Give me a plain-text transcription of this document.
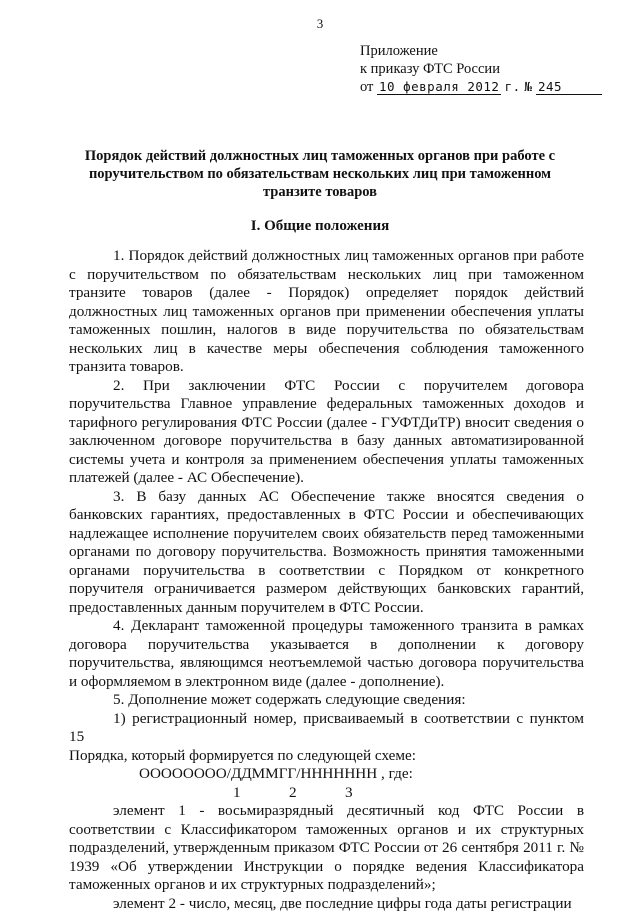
3
Приложение
к приказу ФТС России
от 10 февраля 2012 г. № 245
Порядок действий должностных лиц таможенных органов при работе с поручительством по обязательствам нескольких лиц при таможенном транзите товаров
I. Общие положения

1. Порядок действий должностных лиц таможенных органов при работе с поручительством по обязательствам нескольких лиц при таможенном транзите товаров (далее - Порядок) определяет порядок действий должностных лиц таможенных органов при применении обеспечения уплаты таможенных пошлин, налогов в виде поручительства по обязательствам нескольких лиц в качестве меры обеспечения соблюдения таможенного транзита товаров.

2. При заключении ФТС России с поручителем договора поручительства Главное управление федеральных таможенных доходов и тарифного регулирования ФТС России (далее - ГУФТДиТР) вносит сведения о заключенном договоре поручительства в базу данных автоматизированной системы учета и контроля за применением обеспечения уплаты таможенных платежей (далее - АС Обеспечение).

3. В базу данных АС Обеспечение также вносятся сведения о банковских гарантиях, предоставленных в ФТС России и обеспечивающих надлежащее исполнение поручителем своих обязательств перед таможенными органами по договору поручительства. Возможность принятия таможенными органами поручительства в соответствии с Порядком от конкретного поручителя ограничивается размером действующих банковских гарантий, предоставленных данным поручителем в ФТС России.

4. Декларант таможенной процедуры таможенного транзита в рамках договора поручительства указывается в дополнении к договору поручительства, являющимся неотъемлемой частью договора поручительства и оформляемом в электронном виде (далее - дополнение).

5. Дополнение может содержать следующие сведения:

1) регистрационный номер, присваиваемый в соответствии с пунктом 15

Порядка, который формируется по следующей схеме:

ОООООООО/ДДММГГ/ННННННН , где:

1	2	3

элемент 1 - восьмиразрядный десятичный код ФТС России в соответствии с Классификатором таможенных органов и их структурных подразделений, утвержденным приказом ФТС России от 26 сентября 2011 г. № 1939 «Об утверждении Инструкции о порядке ведения Классификатора таможенных органов и их структурных подразделений»;

элемент 2 - число, месяц, две последние цифры года даты регистрации
